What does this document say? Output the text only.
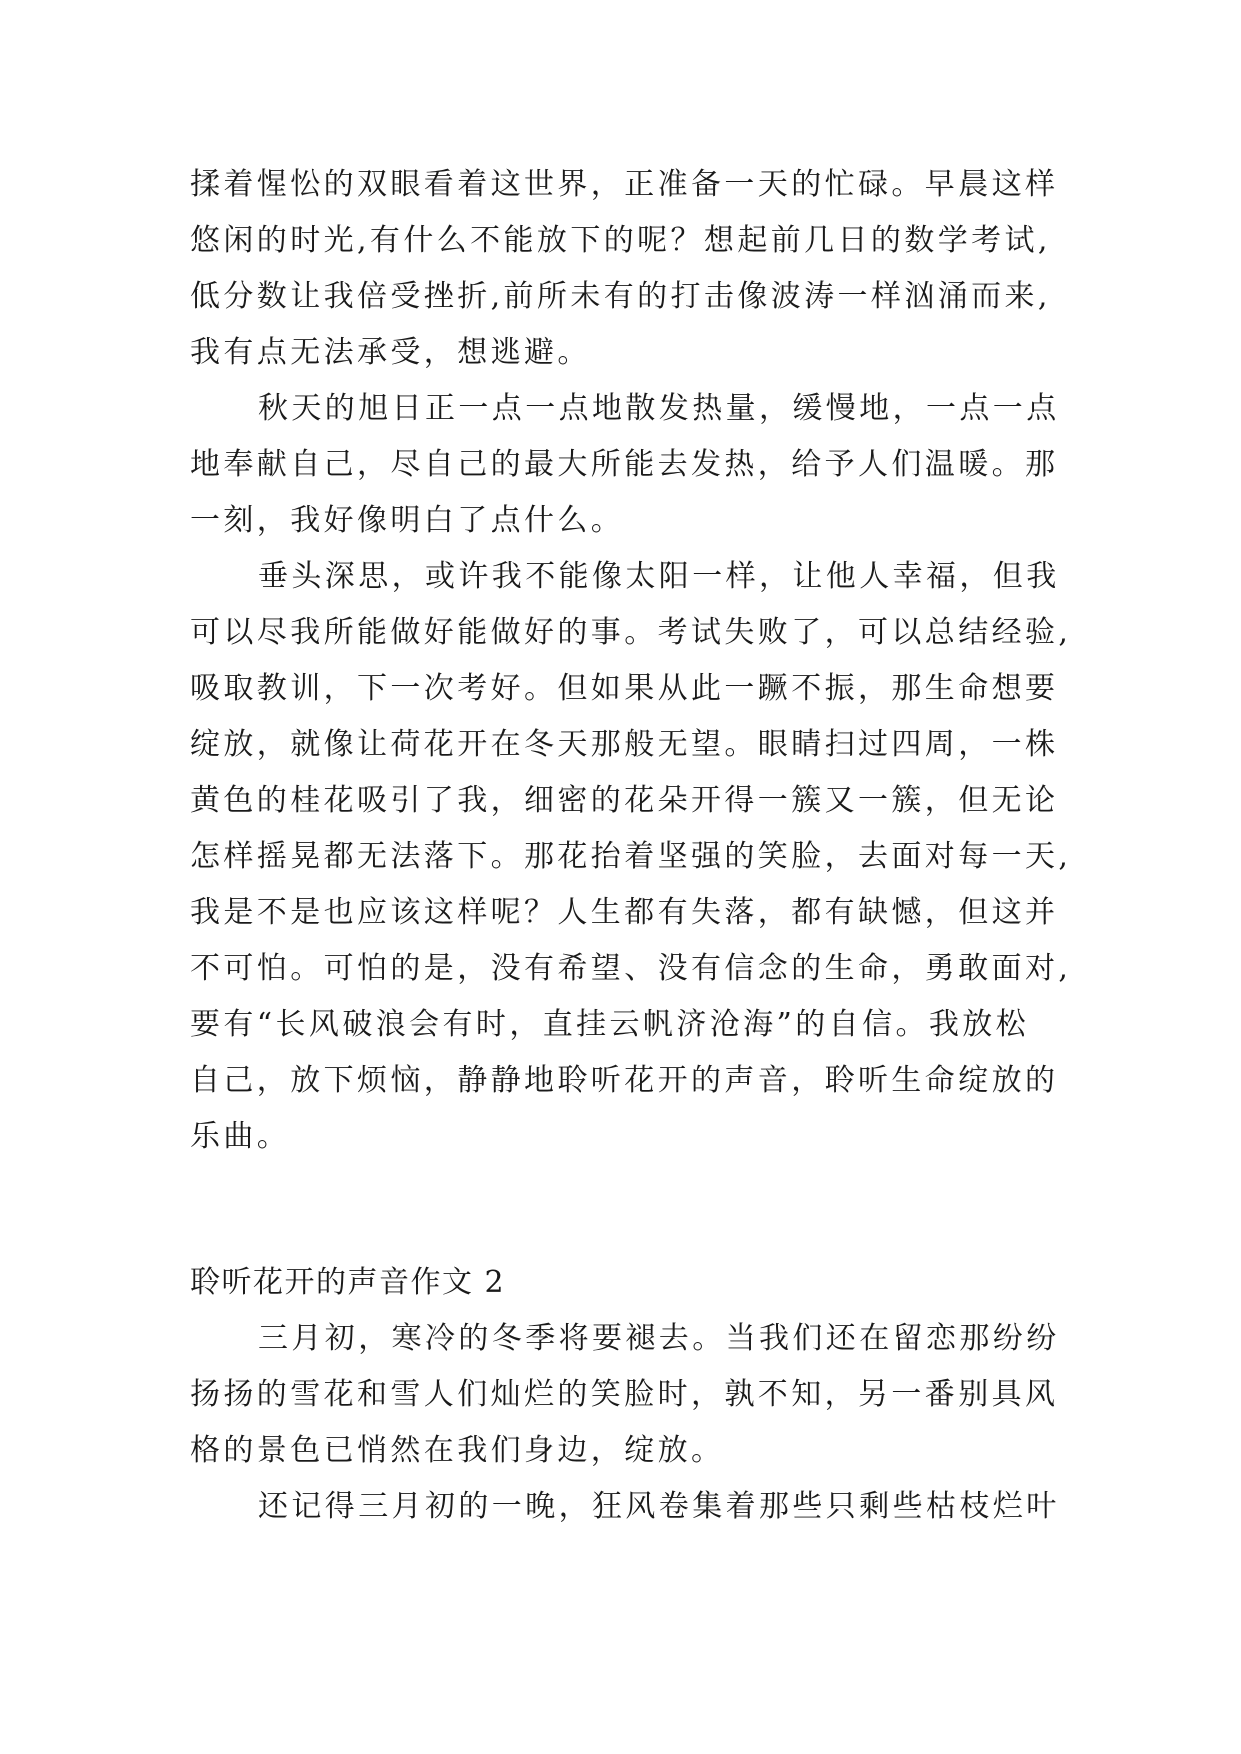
揉着惺忪的双眼看着这世界，正准备一天的忙碌。早晨这样
悠闲的时光,有什么不能放下的呢？想起前几日的数学考试,
低分数让我倍受挫折,前所未有的打击像波涛一样汹涌而来,
我有点无法承受，想逃避。
秋天的旭日正一点一点地散发热量，缓慢地，一点一点
地奉献自己，尽自己的最大所能去发热，给予人们温暖。那
一刻，我好像明白了点什么。
垂头深思，或许我不能像太阳一样，让他人幸福，但我
可以尽我所能做好能做好的事。考试失败了，可以总结经验,
吸取教训，下一次考好。但如果从此一蹶不振，那生命想要
绽放，就像让荷花开在冬天那般无望。眼睛扫过四周，一株
黄色的桂花吸引了我，细密的花朵开得一簇又一簇，但无论
怎样摇晃都无法落下。那花抬着坚强的笑脸，去面对每一天,
我是不是也应该这样呢？人生都有失落，都有缺憾，但这并
不可怕。可怕的是，没有希望、没有信念的生命，勇敢面对,
要有“长风破浪会有时，直挂云帆济沧海”的自信。我放松
自己，放下烦恼，静静地聆听花开的声音，聆听生命绽放的
乐曲。
聆听花开的声音作文 2
三月初，寒冷的冬季将要褪去。当我们还在留恋那纷纷
扬扬的雪花和雪人们灿烂的笑脸时，孰不知，另一番别具风
格的景色已悄然在我们身边，绽放。
还记得三月初的一晚，狂风卷集着那些只剩些枯枝烂叶
